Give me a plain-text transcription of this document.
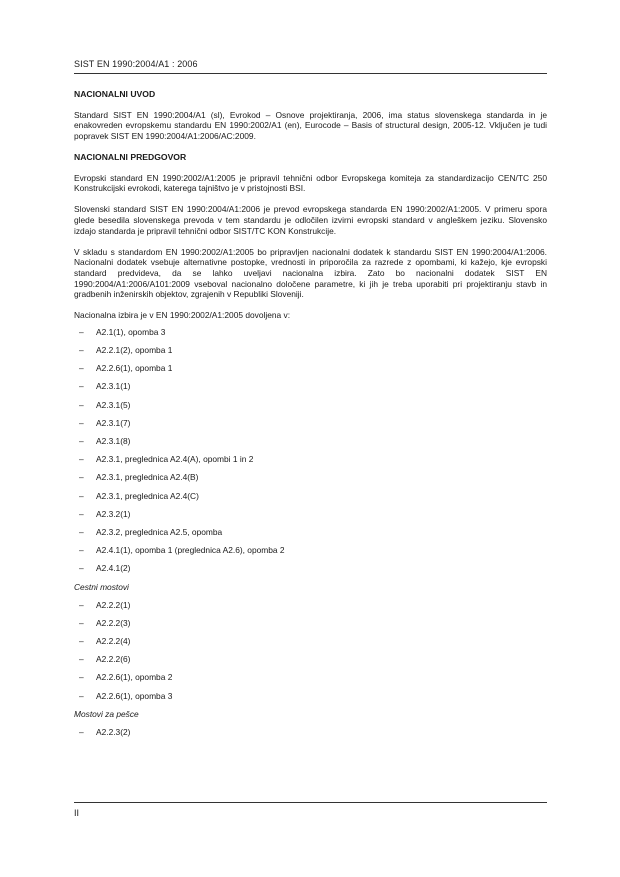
SIST EN 1990:2004/A1 : 2006
NACIONALNI UVOD

Standard SIST EN 1990:2004/A1 (sl), Evrokod – Osnove projektiranja, 2006, ima status slovenskega standarda in je enakovreden evropskemu standardu EN 1990:2002/A1 (en), Eurocode – Basis of structural design, 2005-12. Vključen je tudi popravek SIST EN 1990:2004/A1:2006/AC:2009.

NACIONALNI PREDGOVOR

Evropski standard EN 1990:2002/A1:2005 je pripravil tehnični odbor Evropskega komiteja za standardizacijo CEN/TC 250 Konstrukcijski evrokodi, katerega tajništvo je v pristojnosti BSI.

Slovenski standard SIST EN 1990:2004/A1:2006 je prevod evropskega standarda EN 1990:2002/A1:2005. V primeru spora glede besedila slovenskega prevoda v tem standardu je odločilen izvirni evropski standard v angleškem jeziku. Slovensko izdajo standarda je pripravil tehnični odbor SIST/TC KON Konstrukcije.

V skladu s standardom EN 1990:2002/A1:2005 bo pripravljen nacionalni dodatek k standardu SIST EN 1990:2004/A1:2006. Nacionalni dodatek vsebuje alternativne postopke, vrednosti in priporočila za razrede z opombami, ki kažejo, kje evropski standard predvideva, da se lahko uveljavi nacionalna izbira. Zato bo nacionalni dodatek SIST EN 1990:2004/A1:2006/A101:2009 vseboval nacionalno določene parametre, ki jih je treba uporabiti pri projektiranju stavb in gradbenih inženirskih objektov, zgrajenih v Republiki Sloveniji.

Nacionalna izbira je v EN 1990:2002/A1:2005 dovoljena v:

– A2.1(1), opomba 3
– A2.2.1(2), opomba 1
– A2.2.6(1), opomba 1
– A2.3.1(1)
– A2.3.1(5)
– A2.3.1(7)
– A2.3.1(8)
– A2.3.1, preglednica A2.4(A), opombi 1 in 2
– A2.3.1, preglednica A2.4(B)
– A2.3.1, preglednica A2.4(C)
– A2.3.2(1)
– A2.3.2, preglednica A2.5, opomba
– A2.4.1(1), opomba 1 (preglednica A2.6), opomba 2
– A2.4.1(2)
Cestni mostovi
– A2.2.2(1)
– A2.2.2(3)
– A2.2.2(4)
– A2.2.2(6)
– A2.2.6(1), opomba 2
– A2.2.6(1), opomba 3
Mostovi za pešce
– A2.2.3(2)
II
